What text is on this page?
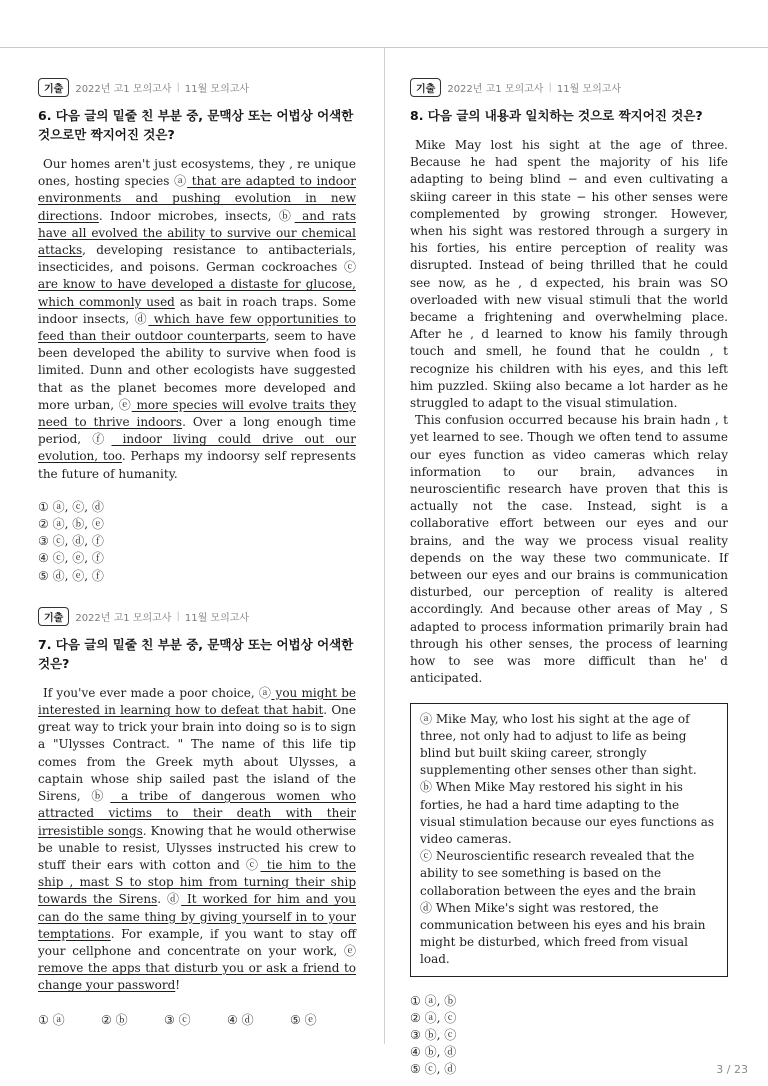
기출	2022년 고1 모의고사 | 11월 모의고사
6. 다음 글의 밑줄 친 부분 중, 문맥상 또는 어법상 어색한 것으로만 짝지어진 것은?

Our homes aren't just ecosystems, they , re unique ones, hosting species ⓐ that are adapted to indoor environments and pushing evolution in new directions. Indoor microbes, insects, ⓑ and rats have all evolved the ability to survive our chemical attacks, developing resistance to antibacterials, insecticides, and poisons. German cockroaches ⓒ are know to have developed a distaste for glucose, which commonly used as bait in roach traps. Some indoor insects, ⓓ which have few opportunities to feed than their outdoor counterparts, seem to have been developed the ability to survive when food is limited. Dunn and other ecologists have suggested that as the planet becomes more developed and more urban, ⓔ more species will evolve traits they need to thrive indoors. Over a long enough time period, ⓕ indoor living could drive out our evolution, too. Perhaps my indoorsy self represents the future of humanity.

① ⓐ, ⓒ, ⓓ
② ⓐ, ⓑ, ⓔ
③ ⓒ, ⓓ, ⓕ
④ ⓒ, ⓔ, ⓕ
⑤ ⓓ, ⓔ, ⓕ
기출	2022년 고1 모의고사 | 11월 모의고사
7. 다음 글의 밑줄 친 부분 중, 문맥상 또는 어법상 어색한 것은?

If you've ever made a poor choice, ⓐ you might be interested in learning how to defeat that habit. One great way to trick your brain into doing so is to sign a "Ulysses Contract. " The name of this life tip comes from the Greek myth about Ulysses, a captain whose ship sailed past the island of the Sirens, ⓑ a tribe of dangerous women who attracted victims to their death with their irresistible songs. Knowing that he would otherwise be unable to resist, Ulysses instructed his crew to stuff their ears with cotton and ⓒ tie him to the ship , mast S to stop him from turning their ship towards the Sirens. ⓓ It worked for him and you can do the same thing by giving yourself in to your temptations. For example, if you want to stay off your cellphone and concentrate on your work, ⓔ remove the apps that disturb you or ask a friend to change your password!

① ⓐ	② ⓑ	③ ⓒ	④ ⓓ	⑤ ⓔ
기출	2022년 고1 모의고사 | 11월 모의고사
8. 다음 글의 내용과 일치하는 것으로 짝지어진 것은?

Mike May lost his sight at the age of three. Because he had spent the majority of his life adapting to being blind − and even cultivating a skiing career in this state − his other senses were complemented by growing stronger. However, when his sight was restored through a surgery in his forties, his entire perception of reality was disrupted. Instead of being thrilled that he could see now, as he , d expected, his brain was SO overloaded with new visual stimuli that the world became a frightening and overwhelming place. After he , d learned to know his family through touch and smell, he found that he couldn , t recognize his children with his eyes, and this left him puzzled. Skiing also became a lot harder as he struggled to adapt to the visual stimulation.

This confusion occurred because his brain hadn , t yet learned to see. Though we often tend to assume our eyes function as video cameras which relay information to our brain, advances in neuroscientific research have proven that this is actually not the case. Instead, sight is a collaborative effort between our eyes and our brains, and the way we process visual reality depends on the way these two communicate. If between our eyes and our brains is communication disturbed, our perception of reality is altered accordingly. And because other areas of May , S adapted to process information primarily brain had through his other senses, the process of learning how to see was more difficult than he' d anticipated.

ⓐ Mike May, who lost his sight at the age of three, not only had to adjust to life as being blind but built skiing career, strongly supplementing other senses other than sight.

ⓑ When Mike May restored his sight in his forties, he had a hard time adapting to the visual stimulation because our eyes functions as video cameras.

ⓒ Neuroscientific research revealed that the ability to see something is based on the collaboration between the eyes and the brain

ⓓ When Mike's sight was restored, the communication between his eyes and his brain might be disturbed, which freed from visual load.

① ⓐ, ⓑ
② ⓐ, ⓒ
③ ⓑ, ⓒ
④ ⓑ, ⓓ
⑤ ⓒ, ⓓ	3 / 23
